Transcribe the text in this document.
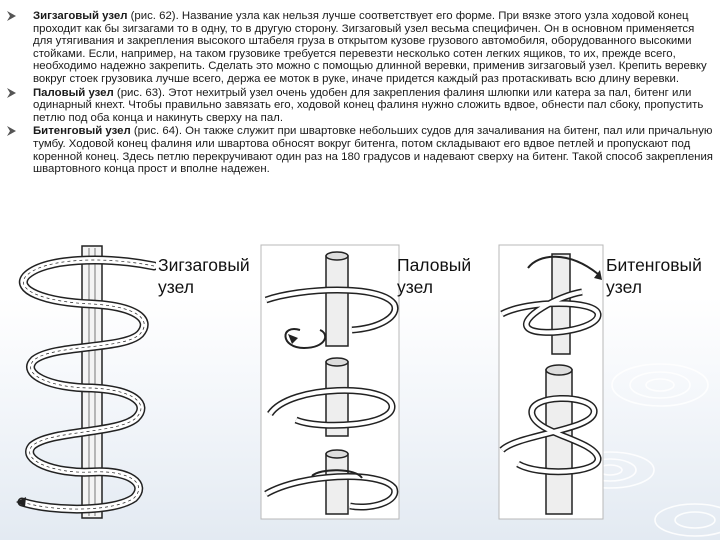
Зигзаговый узел (рис. 62). Название узла как нельзя лучше соответствует его форме. При вязке этого узла ходовой конец проходит как бы зигзагами то в одну, то в другую сторону. Зигзаговый узел весьма специфичен. Он в основном применяется для утягивания и закрепления высокого штабеля груза в открытом кузове грузового автомобиля, оборудованного высокими стойками. Если, например, на таком грузовике требуется перевезти несколько сотен легких ящиков, то их, прежде всего, необходимо надежно закрепить. Сделать это можно с помощью длинной веревки, применив зигзаговый узел. Крепить веревку вокруг стоек грузовика лучше всего, держа ее моток в руке, иначе придется каждый раз протаскивать всю длину веревки.
Паловый узел (рис. 63). Этот нехитрый узел очень удобен для закрепления фалиня шлюпки или катера за пал, битенг или одинарный кнехт. Чтобы правильно завязать его, ходовой конец фалиня нужно сложить вдвое, обнести пал сбоку, пропустить петлю под оба конца и накинуть сверху на пал.
Битенговый узел (рис. 64). Он также служит при швартовке небольших судов для зачаливания на битенг, пал или причальную тумбу. Ходовой конец фалиня или швартова обносят вокруг битенга, потом складывают его вдвое петлей и пропускают под коренной конец. Здесь петлю перекручивают один раз на 180 градусов и надевают сверху на битенг. Такой способ закрепления швартовного конца прост и вполне надежен.
Зигзаговый
узел
Паловый
узел
Битенговый
узел
